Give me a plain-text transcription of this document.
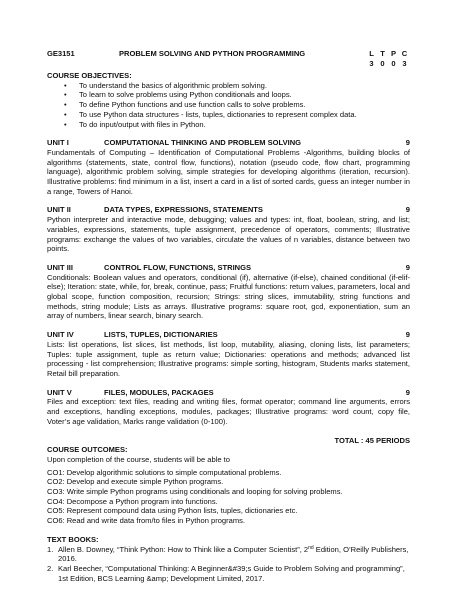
GE3151	PROBLEM SOLVING AND PYTHON PROGRAMMING	L T P C
3 0 0 3
COURSE OBJECTIVES:
• To understand the basics of algorithmic problem solving.
• To learn to solve problems using Python conditionals and loops.
• To define Python functions and use function calls to solve problems.
• To use Python data structures - lists, tuples, dictionaries to represent complex data.
• To do input/output with files in Python.
UNIT I	COMPUTATIONAL THINKING AND PROBLEM SOLVING	9
Fundamentals of Computing – Identification of Computational Problems -Algorithms, building blocks of algorithms (statements, state, control flow, functions), notation (pseudo code, flow chart, programming language), algorithmic problem solving, simple strategies for developing algorithms (iteration, recursion). Illustrative problems: find minimum in a list, insert a card in a list of sorted cards, guess an integer number in a range, Towers of Hanoi.
UNIT II	DATA TYPES, EXPRESSIONS, STATEMENTS	9
Python interpreter and interactive mode, debugging; values and types: int, float, boolean, string, and list; variables, expressions, statements, tuple assignment, precedence of operators, comments; Illustrative programs: exchange the values of two variables, circulate the values of n variables, distance between two points.
UNIT III	CONTROL FLOW, FUNCTIONS, STRINGS	9
Conditionals: Boolean values and operators, conditional (if), alternative (if-else), chained conditional (if-elif-else); Iteration: state, while, for, break, continue, pass; Fruitful functions: return values, parameters, local and global scope, function composition, recursion; Strings: string slices, immutability, string functions and methods, string module; Lists as arrays. Illustrative programs: square root, gcd, exponentiation, sum an array of numbers, linear search, binary search.
UNIT IV	LISTS, TUPLES, DICTIONARIES	9
Lists: list operations, list slices, list methods, list loop, mutability, aliasing, cloning lists, list parameters; Tuples: tuple assignment, tuple as return value; Dictionaries: operations and methods; advanced list processing - list comprehension; Illustrative programs: simple sorting, histogram, Students marks statement, Retail bill preparation.
UNIT V	FILES, MODULES, PACKAGES	9
Files and exception: text files, reading and writing files, format operator; command line arguments, errors and exceptions, handling exceptions, modules, packages; Illustrative programs: word count, copy file, Voter’s age validation, Marks range validation (0-100).
TOTAL : 45 PERIODS
COURSE OUTCOMES:
Upon completion of the course, students will be able to
CO1: Develop algorithmic solutions to simple computational problems.
CO2: Develop and execute simple Python programs.
CO3: Write simple Python programs using conditionals and looping for solving problems.
CO4: Decompose a Python program into functions.
CO5: Represent compound data using Python lists, tuples, dictionaries etc.
CO6: Read and write data from/to files in Python programs.
TEXT BOOKS:
1. Allen B. Downey, “Think Python: How to Think like a Computer Scientist”, 2nd Edition, O’Reilly Publishers, 2016.
2. Karl Beecher, “Computational Thinking: A Beginner&#39;s Guide to Problem Solving and programming”, 1st Edition, BCS Learning &amp; Development Limited, 2017.
